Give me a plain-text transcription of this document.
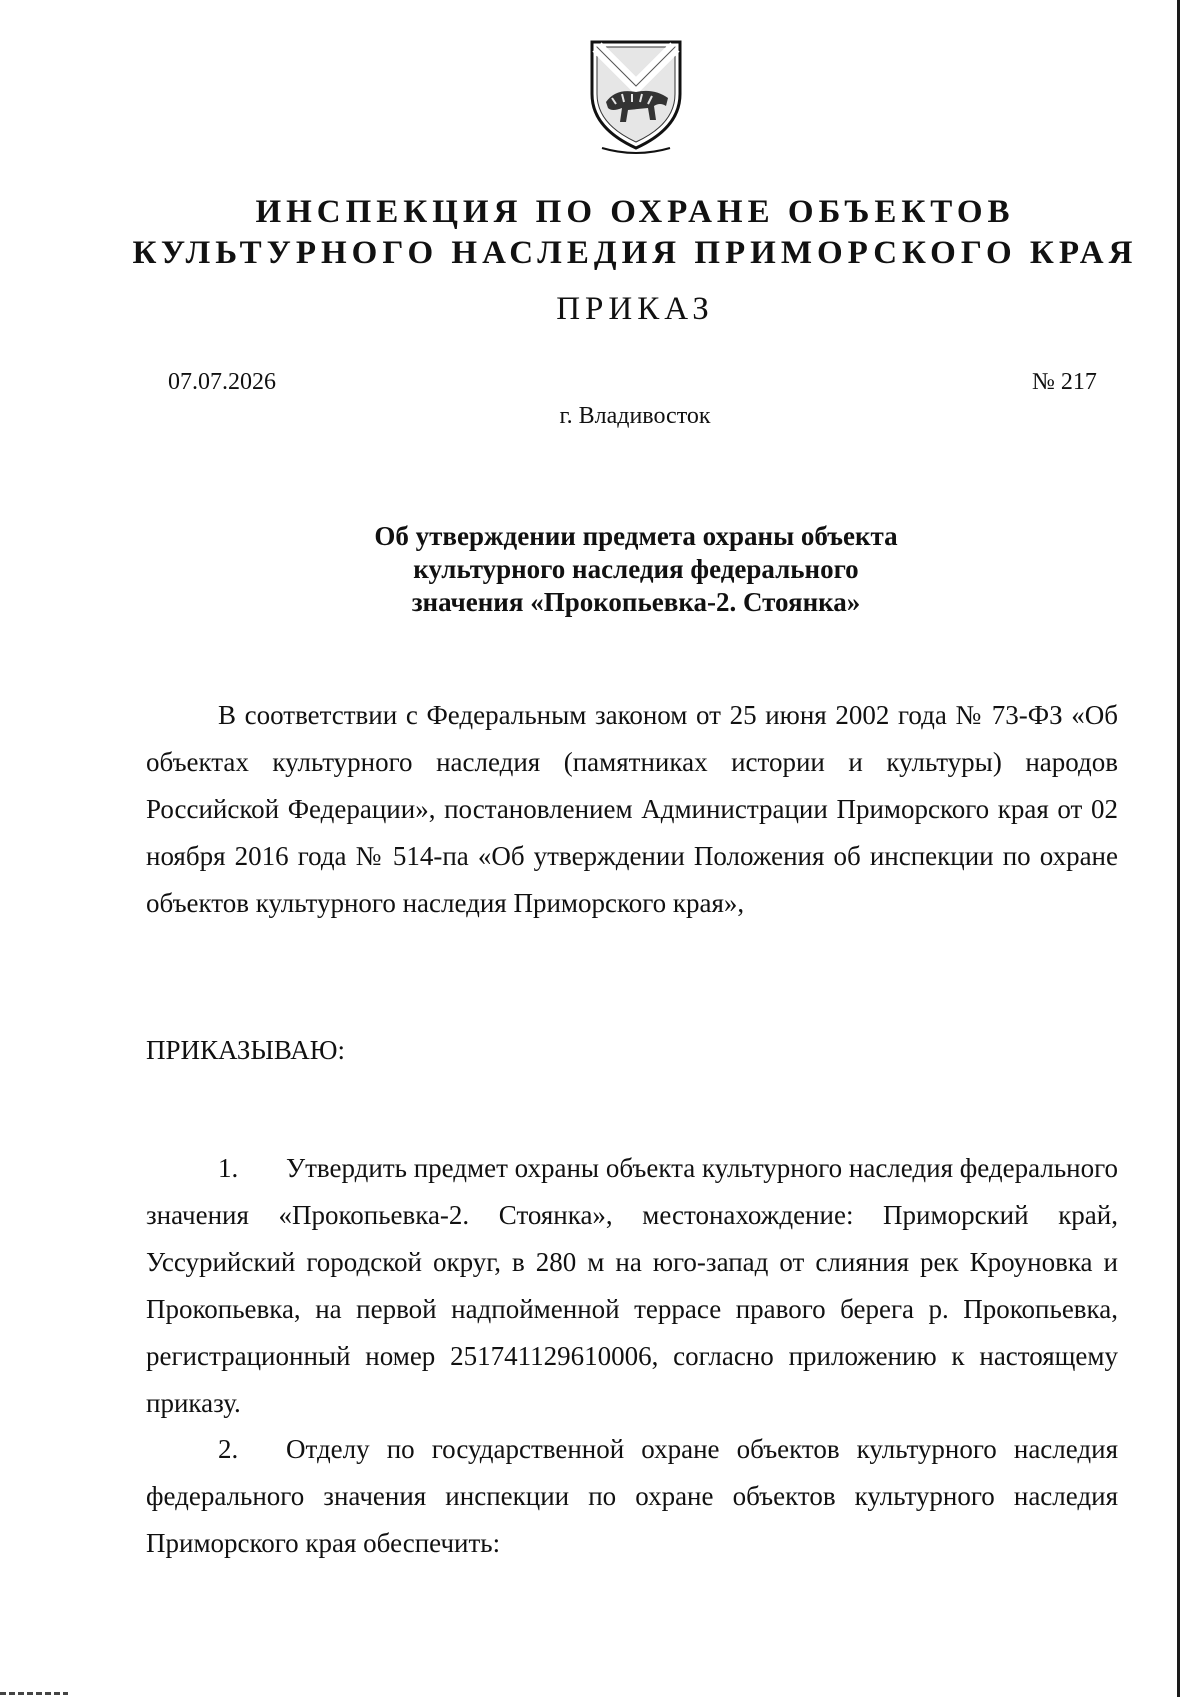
ИНСПЕКЦИЯ ПО ОХРАНЕ ОБЪЕКТОВ
КУЛЬТУРНОГО НАСЛЕДИЯ ПРИМОРСКОГО КРАЯ
ПРИКАЗ
07.07.2026	№ 217
г. Владивосток
Об утверждении предмета охраны объекта
культурного наследия федерального
значения «Прокопьевка-2. Стоянка»
В соответствии с Федеральным законом от 25 июня 2002 года № 73-ФЗ «Об объектах культурного наследия (памятниках истории и культуры) народов Российской Федерации», постановлением Администрации Приморского края от 02 ноября 2016 года № 514-па «Об утверждении Положения об инспекции по охране объектов культурного наследия Приморского края»,
ПРИКАЗЫВАЮ:
1. Утвердить предмет охраны объекта культурного наследия федерального значения «Прокопьевка-2. Стоянка», местонахождение: Приморский край, Уссурийский городской округ, в 280 м на юго-запад от слияния рек Кроуновка и Прокопьевка, на первой надпойменной террасе правого берега р. Прокопьевка, регистрационный номер 251741129610006, согласно приложению к настоящему приказу.
2. Отделу по государственной охране объектов культурного наследия федерального значения инспекции по охране объектов культурного наследия Приморского края обеспечить:
